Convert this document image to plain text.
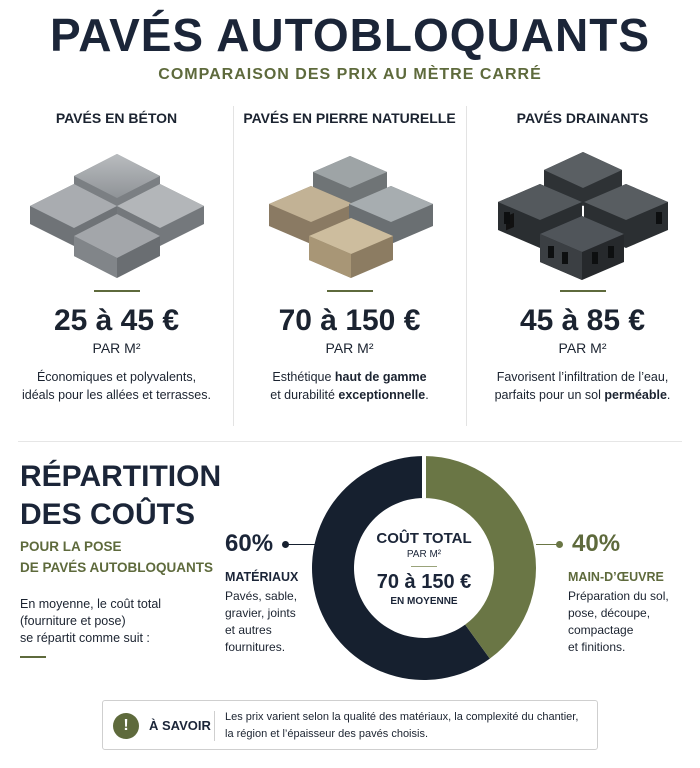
PAVÉS AUTOBLOQUANTS
COMPARAISON DES PRIX AU MÈTRE CARRÉ
PAVÉS EN BÉTON
25 à 45 €
PAR M²
Économiques et polyvalents,
idéals pour les allées et terrasses.
PAVÉS EN PIERRE NATURELLE
70 à 150 €
PAR M²
Esthétique haut de gamme
et durabilité exceptionnelle.
PAVÉS DRAINANTS
45 à 85 €
PAR M²
Favorisent l’infiltration de l’eau,
parfaits pour un sol perméable.
RÉPARTITION
DES COÛTS
POUR LA POSE
DE PAVÉS AUTOBLOQUANTS
En moyenne, le coût total
(fourniture et pose)
se répartit comme suit :
60%
MATÉRIAUX
Pavés, sable,
gravier, joints
et autres
fournitures.
COÛT TOTAL
PAR M²
70 à 150 €
EN MOYENNE
40%
MAIN-D’ŒUVRE
Préparation du sol,
pose, découpe,
compactage
et finitions.
!	À SAVOIR
Les prix varient selon la qualité des matériaux, la complexité du chantier,
la région et l’épaisseur des pavés choisis.
